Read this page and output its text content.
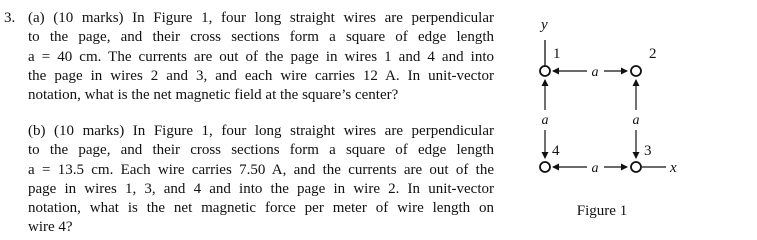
3. (a) (10 marks) In Figure 1, four long straight wires are perpendicular
to the page, and their cross sections form a square of edge length
a = 40 cm. The currents are out of the page in wires 1 and 4 and into
the page in wires 2 and 3, and each wire carries 12 A. In unit-vector
notation, what is the net magnetic field at the square’s center?
(b) (10 marks) In Figure 1, four long straight wires are perpendicular
to the page, and their cross sections form a square of edge length
a = 13.5 cm. Each wire carries 7.50 A, and the currents are out of the
page in wires 1, 3, and 4 and into the page in wire 2. In unit-vector
notation, what is the net magnetic force per meter of wire length on
wire 4?
y
x
a
a
a	a
1	2
3
4
Figure 1
